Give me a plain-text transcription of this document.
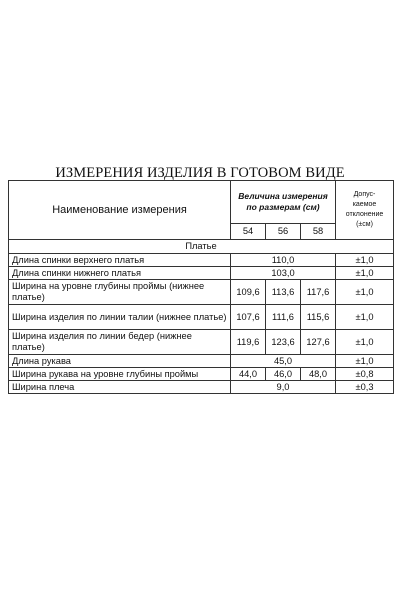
ИЗМЕРЕНИЯ ИЗДЕЛИЯ В ГОТОВОМ ВИДЕ
Наименование измерения	Величина измерения
по размерам (см)			Допус-
каемое
отклонение
(±см)
	54	56	58	
Платье				
Длина спинки верхнего платья	110,0			±1,0
Длина спинки нижнего платья	103,0			±1,0
Ширина на уровне глубины проймы (нижнее платье)	109,6	113,6	117,6	±1,0
Ширина изделия по линии талии (нижнее платье)	107,6	111,6	115,6	±1,0
Ширина изделия по линии бедер (нижнее платье)	119,6	123,6	127,6	±1,0
Длина рукава	45,0			±1,0
Ширина рукава на уровне глубины проймы	44,0	46,0	48,0	±0,8
Ширина плеча	9,0			±0,3
